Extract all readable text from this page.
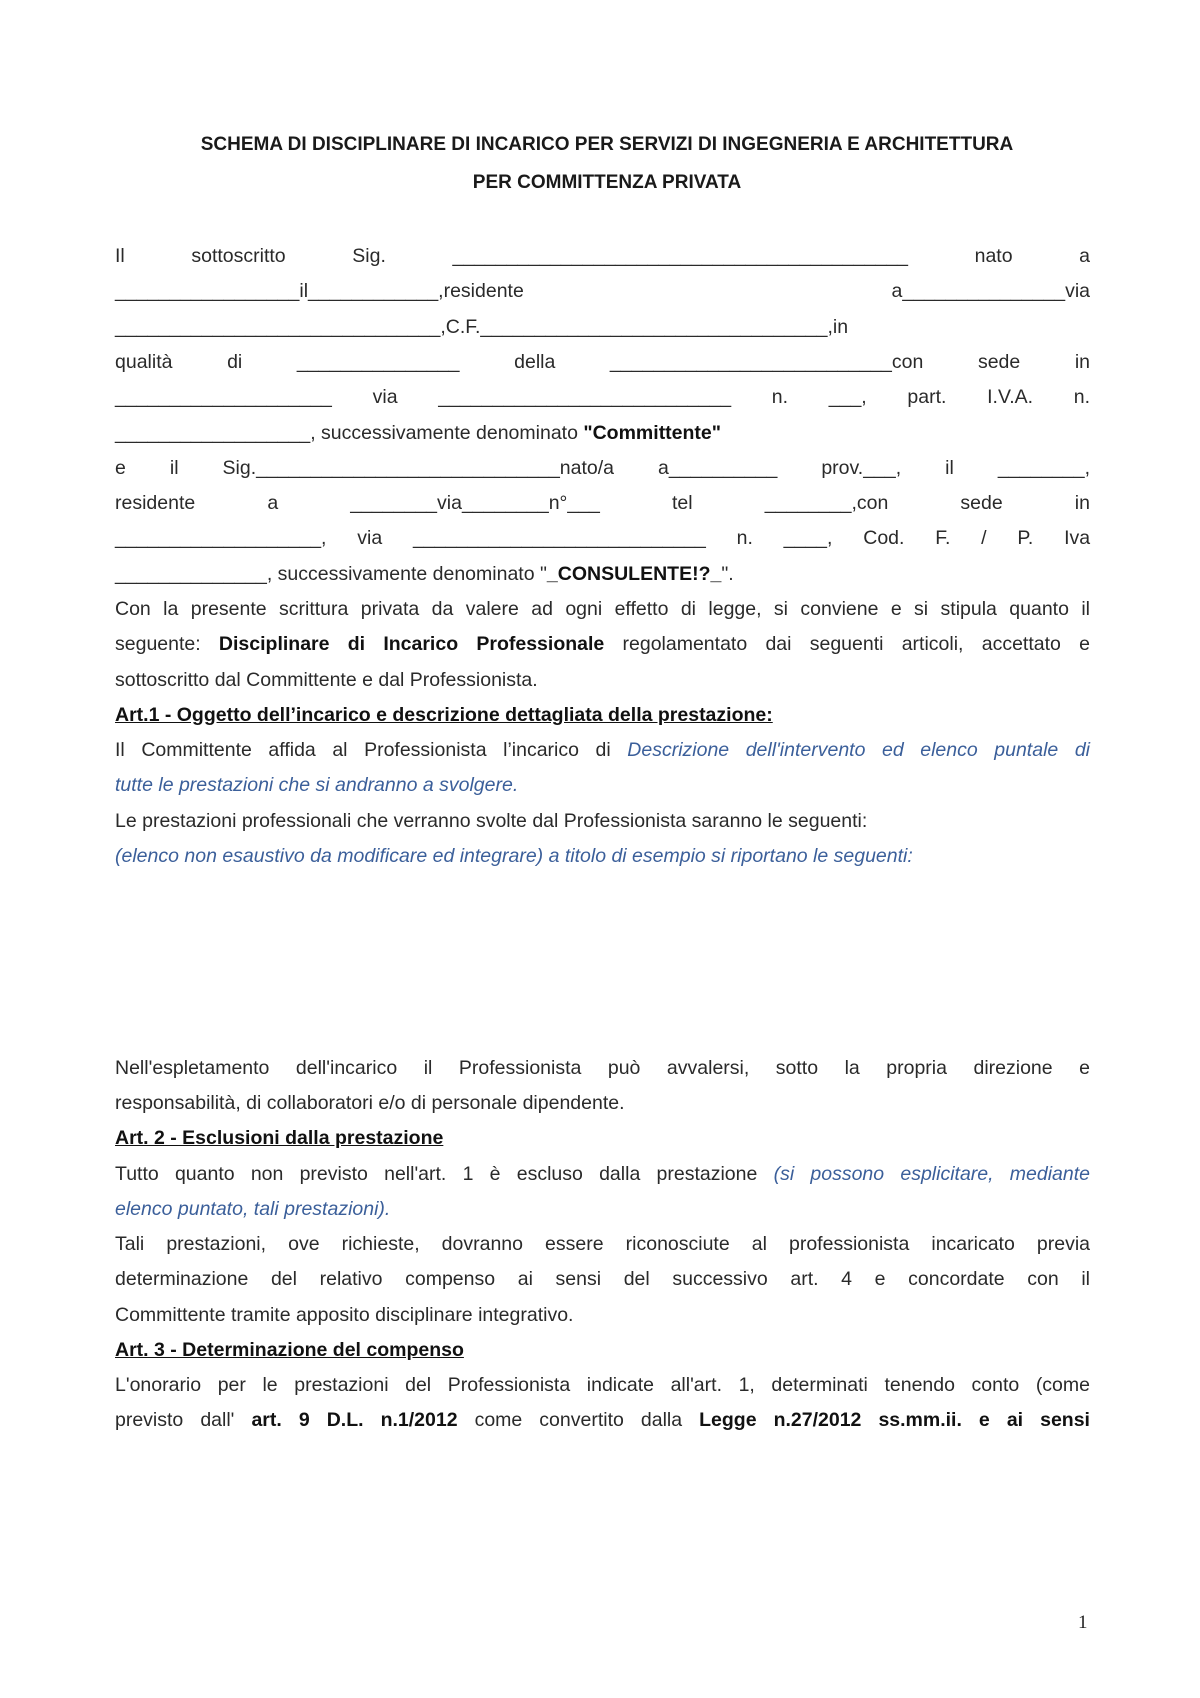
SCHEMA DI DISCIPLINARE DI INCARICO PER SERVIZI DI INGEGNERIA E ARCHITETTURA
PER COMMITTENZA PRIVATA
Il	sottoscritto	Sig.	__________________________________________	nato	a
_________________il____________,residente	a_______________via
______________________________,C.F.________________________________,in
qualità	di	_______________	della	__________________________con	sede	in
____________________ via ___________________________ n. ___, part. I.V.A. n.
__________________, successivamente denominato "Committente"
e il Sig.____________________________nato/a a__________ prov.___, il ________,
residente	a	________via________n°___	tel	________,con	sede	in
___________________, via ___________________________ n. ____, Cod. F. / P. Iva
______________, successivamente denominato "_CONSULENTE!?_".
Con la presente scrittura privata da valere ad ogni effetto di legge, si conviene e si stipula quanto il
seguente: Disciplinare di Incarico Professionale regolamentato dai seguenti articoli, accettato e
sottoscritto dal Committente e dal Professionista.
Art.1 - Oggetto dell’incarico e descrizione dettagliata della prestazione:
Il Committente affida al Professionista l’incarico di Descrizione dell'intervento ed elenco puntale di
tutte le prestazioni che si andranno a svolgere.
Le prestazioni professionali che verranno svolte dal Professionista saranno le seguenti:
(elenco non esaustivo da modificare ed integrare) a titolo di esempio si riportano le seguenti:
Nell'espletamento dell'incarico il Professionista può avvalersi, sotto la propria direzione e
responsabilità, di collaboratori e/o di personale dipendente.
Art. 2 - Esclusioni dalla prestazione
Tutto quanto non previsto nell'art. 1 è escluso dalla prestazione (si possono esplicitare, mediante
elenco puntato, tali prestazioni).
Tali prestazioni, ove richieste, dovranno essere riconosciute al professionista incaricato previa
determinazione del relativo compenso ai sensi del successivo art. 4 e concordate con il
Committente tramite apposito disciplinare integrativo.
Art. 3 - Determinazione del compenso
L'onorario per le prestazioni del Professionista indicate all'art. 1, determinati tenendo conto (come
previsto dall' art. 9 D.L. n.1/2012 come convertito dalla Legge n.27/2012 ss.mm.ii. e ai sensi
1
